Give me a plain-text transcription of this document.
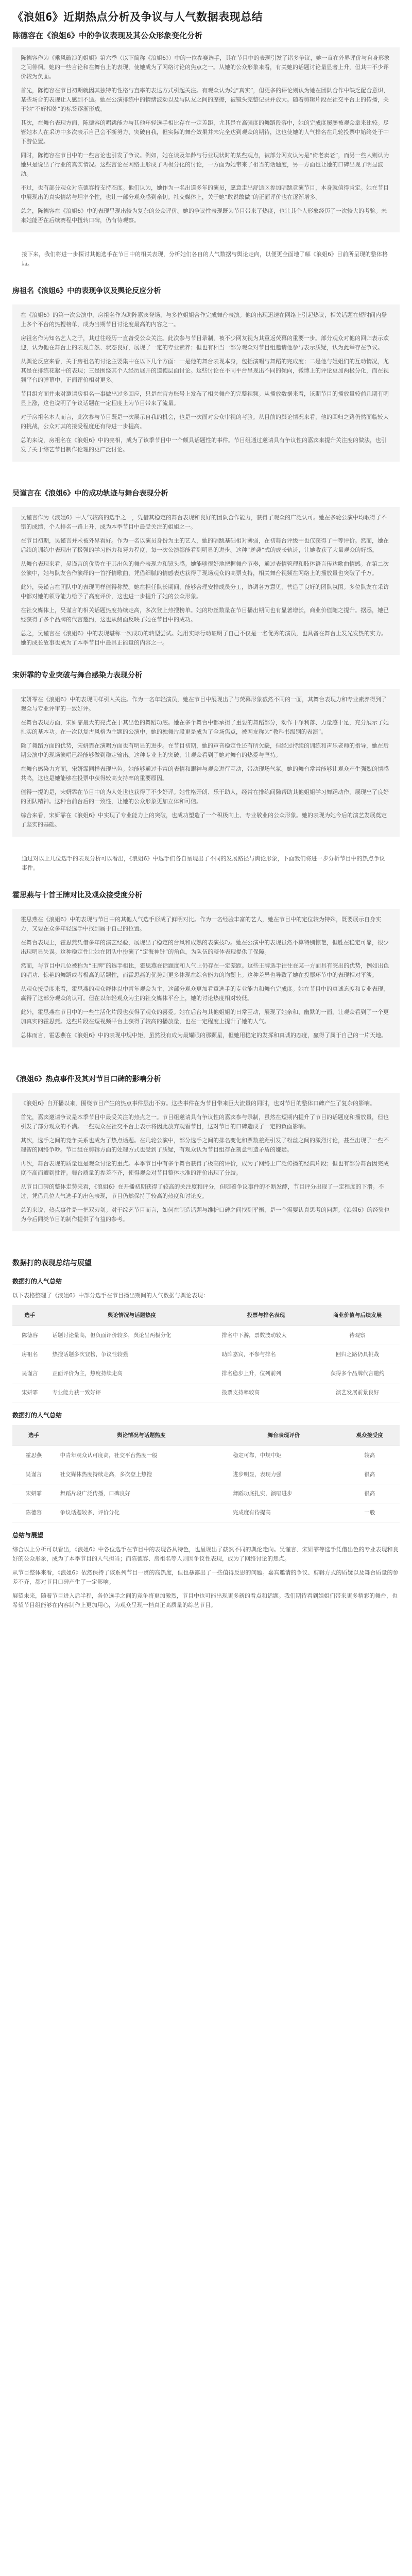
《浪姐6》近期热点分析及争议与人气数据表现总结
陈德容在《浪姐6》中的争议表现及其公众形象变化分析

陈德容作为《乘风破浪的姐姐》第六季（以下简称《浪姐6》）中的一位参赛选手，其在节目中的表现引发了诸多争议，她一直在外界评价与自身形象之间徘徊。她的一些言论和在舞台上的表现，使她成为了网络讨论的焦点之一。从她的公众形象来看，有关她的话题讨论量显著上升，但其中不少评价较为负面。

首先，陈德容在节目初期就因其独特的性格与直率的表达方式引起关注。有观众认为她“真实”，但更多的评论则认为她在团队合作中缺乏配合意识，某些场合的表现让人感到不适。她在公演排练中的情绪波动以及与队友之间的摩擦，被镜头完整记录并放大。随着剪辑片段在社交平台上的传播，关于她“不好相处”的标签逐渐形成。

其次，在舞台表现方面，陈德容的唱跳能力与其他年轻选手相比存在一定差距，尤其是在高强度的舞蹈段落中，她的完成度屡屡被观众拿来比较。尽管她本人在采访中多次表示自己会不断努力、突破自我，但实际的舞台效果并未完全达到观众的期待，这也使她的人气排名在几轮投票中始终处于中下游位置。

同时，陈德容在节目中的一些言论也引发了争议。例如，她在谈及年龄与行业现状时的某些观点，被部分网友认为是“倚老卖老”，而另一些人则认为她只是说出了行业的真实情况。这些言论在网络上形成了两极分化的讨论，一方面为她带来了相当的话题度，另一方面也让她的口碑出现了明显波动。

不过，也有部分观众对陈德容持支持态度。他们认为，她作为一名出道多年的演员，愿意走出舒适区参加唱跳竞演节目，本身就值得肯定。她在节目中展现出的真实情绪与坦率个性，也让一部分观众感到亲切。社交媒体上，关于她“敢说敢做”的正面评价也在逐渐增多。

总之，陈德容在《浪姐6》中的表现呈现出较为复杂的公众评价。她的争议性表现既为节目带来了热度，也让其个人形象经历了一次较大的考验。未来她能否在后续赛程中扭转口碑，仍有待观察。

接下来，我们将进一步探讨其他选手在节目中的相关表现，分析她们各自的人气数据与舆论走向，以便更全面地了解《浪姐6》目前所呈现的整体格局。

房祖名《浪姐6》中的表现争议及舆论反应分析

在《浪姐6》的第一次公演中，房祖名作为助阵嘉宾登场，与多位姐姐合作完成舞台表演。他的出现迅速在网络上引起热议，相关话题在短时间内登上多个平台的热搜榜单，成为当期节目讨论度最高的内容之一。

房祖名作为知名艺人之子，其过往经历一直备受公众关注。此次参与节目录制，被不少网友视为其重返荧幕的重要一步。部分观众对他的回归表示欢迎，认为他在舞台上的表现自然、状态良好，展现了一定的专业素养；但也有相当一部分观众对节目组邀请他参与表示质疑，认为此举存在争议。

从舆论反应来看，关于房祖名的讨论主要集中在以下几个方面：一是他的舞台表现本身，包括演唱与舞蹈的完成度；二是他与姐姐们的互动情况，尤其是在排练花絮中的表现；三是围绕其个人经历展开的道德层面讨论。这些讨论在不同平台呈现出不同的倾向，微博上的评论更加两极分化，而在视频平台的弹幕中，正面评价相对更多。

节目组方面并未对邀请房祖名一事做出过多回应，只是在官方账号上发布了相关舞台的完整视频。从播放数据来看，该期节目的播放量较前几期有明显上涨，这也说明了争议话题在一定程度上为节目带来了流量。

对于房祖名本人而言，此次参与节目既是一次展示自我的机会，也是一次面对公众审视的考验。从目前的舆论情况来看，他的回归之路仍然面临较大的挑战，公众对其的接受程度还有待进一步提高。

总的来说，房祖名在《浪姐6》中的亮相，成为了该季节目中一个颇具话题性的事件。节目组通过邀请具有争议性的嘉宾来提升关注度的做法，也引发了关于综艺节目制作伦理的更广泛讨论。

吴谨言在《浪姐6》中的成功轨迹与舞台表现分析

吴谨言作为《浪姐6》中人气较高的选手之一，凭借其稳定的舞台表现和良好的团队合作能力，获得了观众的广泛认可。她在多轮公演中均取得了不错的成绩，个人排名一路上升，成为本季节目中最受关注的姐姐之一。

在节目初期，吴谨言并未被外界看好。作为一名以演员身份为主的艺人，她的唱跳基础相对薄弱，在初舞台评级中也仅获得了中等评价。然而，她在后续的训练中表现出了极强的学习能力和努力程度，每一次公演都能看到明显的进步。这种“逆袭”式的成长轨迹，让她收获了大量观众的好感。

从舞台表现来看，吴谨言的优势在于其出色的舞台表现力和镜头感。她能够很好地把握舞台节奏，通过表情管理和肢体语言传达歌曲情感。在第二次公演中，她与队友合作演绎的一首抒情歌曲，凭借细腻的情感表达获得了现场观众的高票支持，相关舞台视频在网络上的播放量也突破了千万。

此外，吴谨言在团队中的表现同样值得称赞。她在担任队长期间，能够合理安排成员分工，协调各方意见，营造了良好的团队氛围。多位队友在采访中都对她的领导能力给予了高度评价，这也进一步提升了她的公众形象。

在社交媒体上，吴谨言的相关话题热度持续走高，多次登上热搜榜单。她的粉丝数量在节目播出期间也有显著增长，商业价值随之提升。据悉，她已经获得了多个品牌的代言邀约，这也从侧面反映了她在节目中的成功。

总之，吴谨言在《浪姐6》中的表现堪称一次成功的转型尝试。她用实际行动证明了自己不仅是一名优秀的演员，也具备在舞台上发光发热的实力。她的成长故事也成为了本季节目中最具正能量的内容之一。

宋妍霏的专业突破与舞台感染力表现分析

宋妍霏在《浪姐6》中的表现同样引人关注。作为一名年轻演员，她在节目中展现出了与荧幕形象截然不同的一面，其舞台表现力和专业素养得到了观众与专业评审的一致好评。

在舞台表现方面，宋妍霏最大的亮点在于其出色的舞蹈功底。她在多个舞台中都承担了重要的舞蹈部分，动作干净利落、力量感十足，充分展示了她扎实的基本功。在一次以复古风格为主题的公演中，她的独舞片段更是成为了全场焦点，被网友称为“教科书级别的表演”。

除了舞蹈方面的优势，宋妍霏在演唱方面也有明显的进步。在节目初期，她的声音稳定性还有所欠缺，但经过持续的训练和声乐老师的指导，她在后期公演中的现场演唱已经能够做到稳定输出。这种专业上的突破，让观众看到了她对舞台的热爱与坚持。

在舞台感染力方面，宋妍霏同样表现出色。她能够通过丰富的表情和眼神与观众进行互动，带动现场气氛。她的舞台常常能够让观众产生强烈的情感共鸣，这也是她能够在投票中获得较高支持率的重要原因。

值得一提的是，宋妍霏在节目中的为人处世也获得了不少好评。她性格开朗、乐于助人，经常在排练间隙帮助其他姐姐学习舞蹈动作，展现出了良好的团队精神。这种台前台后的一致性，让她的公众形象更加立体和可信。

综合来看，宋妍霏在《浪姐6》中实现了专业能力上的突破，也成功塑造了一个积极向上、专业敬业的公众形象。她的表现为她今后的演艺发展奠定了坚实的基础。

通过对以上几位选手的表现分析可以看出，《浪姐6》中选手们各自呈现出了不同的发展路径与舆论形象，下面我们将进一步分析节目中的热点争议事件。

霍思燕与十首王牌对比及观众接受度分析

霍思燕在《浪姐6》中的表现与节目中的其他人气选手形成了鲜明对比。作为一名经验丰富的艺人，她在节目中的定位较为特殊，既要展示自身实力，又要在众多年轻选手中找到属于自己的位置。

在舞台表现上，霍思燕凭借多年的演艺经验，展现出了稳定的台风和成熟的表演技巧。她在公演中的表现虽然不算特别惊艳，但胜在稳定可靠，很少出现明显失误。这种稳定性让她在团队中扮演了“定海神针”的角色，为队伍的整体表现提供了保障。

然而，与节目中几位被称为“王牌”的选手相比，霍思燕在话题度和人气上仍存在一定差距。这些王牌选手往往在某一方面具有突出的优势，例如出色的唱功、惊艳的舞蹈或者极高的话题性，而霍思燕的优势则更多体现在综合能力的均衡上。这种差异也导致了她在投票环节中的表现相对平淡。

从观众接受度来看，霍思燕的观众群体以中青年观众为主，这部分观众更加看重选手的专业能力和舞台完成度。她在节目中的真诚态度和专业表现，赢得了这部分观众的认可。但在以年轻观众为主的社交媒体平台上，她的讨论热度相对较低。

此外，霍思燕在节目中的一些生活化片段也获得了观众的喜爱。她在后台与其他姐姐的日常互动，展现了她亲和、幽默的一面，让观众看到了一个更加真实的霍思燕。这些片段在短视频平台上获得了较高的播放量，也在一定程度上提升了她的人气。

总体而言，霍思燕在《浪姐6》中的表现中规中矩，虽然没有成为最耀眼的那颗星，但她用稳定的发挥和真诚的态度，赢得了属于自己的一片天地。

《浪姐6》热点事件及其对节目口碑的影响分析

《浪姐6》自开播以来，围绕节目产生的热点事件层出不穷。这些事件在为节目带来巨大流量的同时，也对节目的整体口碑产生了复杂的影响。

首先，嘉宾邀请争议是本季节目中最受关注的热点之一。节目组邀请具有争议性的嘉宾参与录制，虽然在短期内提升了节目的话题度和播放量，但也引发了部分观众的不满。一些观众在社交平台上表示将因此放弃观看节目，这对节目的口碑造成了一定的负面影响。

其次，选手之间的竞争关系也成为了热点话题。在几轮公演中，部分选手之间的排名变化和票数差距引发了粉丝之间的激烈讨论，甚至出现了一些不理智的网络争吵。节目组在剪辑方面的处理方式也受到了质疑，有观众认为节目组存在刻意制造矛盾的嫌疑。

再次，舞台表现的质量也是观众讨论的重点。本季节目中有多个舞台获得了极高的评价，成为了网络上广泛传播的经典片段；但也有部分舞台因完成度不高而遭到批评。舞台质量的参差不齐，使得观众对节目整体水准的评价出现了分歧。

从节目口碑的整体走势来看，《浪姐6》在开播初期获得了较高的关注度和评分，但随着争议事件的不断发酵，节目评分出现了一定程度的下滑。不过，凭借几位人气选手的出色表现，节目仍然保持了较高的热度和讨论度。

总的来说，热点事件是一把双刃剑。对于综艺节目而言，如何在制造话题与维护口碑之间找到平衡，是一个需要认真思考的问题。《浪姐6》的经验也为今后同类节目的制作提供了有益的参考。

数据打的表现总结与展望
数据打的人气总结

以下表格整理了《浪姐6》中部分选手在节目播出期间的人气数据与舆论表现：

选手	舆论情况与话题热度	投票与排名表现	商业价值与后续发展
陈德容	话题讨论量高，但负面评价较多，舆论呈两极分化	排名中下游，票数波动较大	待观察
房祖名	热搜话题多次登榜，争议性较强	助阵嘉宾，不参与排名	回归之路仍具挑战
吴谨言	正面评价为主，热度持续走高	排名稳步上升，位列前列	获得多个品牌代言邀约
宋妍霏	专业能力获一致好评	投票支持率较高	演艺发展前景良好
数据打的人气总结
选手	舆论情况与话题热度	舞台表现评价	观众接受度
霍思燕	中青年观众认可度高，社交平台热度一般	稳定可靠，中规中矩	较高
吴谨言	社交媒体热度持续走高，多次登上热搜	进步明显，表现力强	很高
宋妍霏	舞蹈片段广泛传播，口碑良好	舞蹈功底扎实，演唱进步	很高
陈德容	争议话题较多，评价分化	完成度有待提高	一般
总结与展望

综合以上分析可以看出，《浪姐6》中各位选手在节目中的表现各具特色，也呈现出了截然不同的舆论走向。吴谨言、宋妍霏等选手凭借出色的专业表现和良好的公众形象，成为了本季节目的人气担当；而陈德容、房祖名等人则因争议性表现，成为了网络讨论的焦点。

从节目整体来看，《浪姐6》依然保持了该系列节目一贯的高热度，但也暴露出了一些值得反思的问题。嘉宾邀请的争议、剪辑方式的质疑以及舞台质量的参差不齐，都对节目口碑产生了一定影响。

展望未来，随着节目进入后半程，各位选手之间的竞争将更加激烈，节目中也可能出现更多新的看点和话题。我们期待看到姐姐们带来更多精彩的舞台，也希望节目组能够在内容制作上更加用心，为观众呈现一档真正高质量的综艺节目。
